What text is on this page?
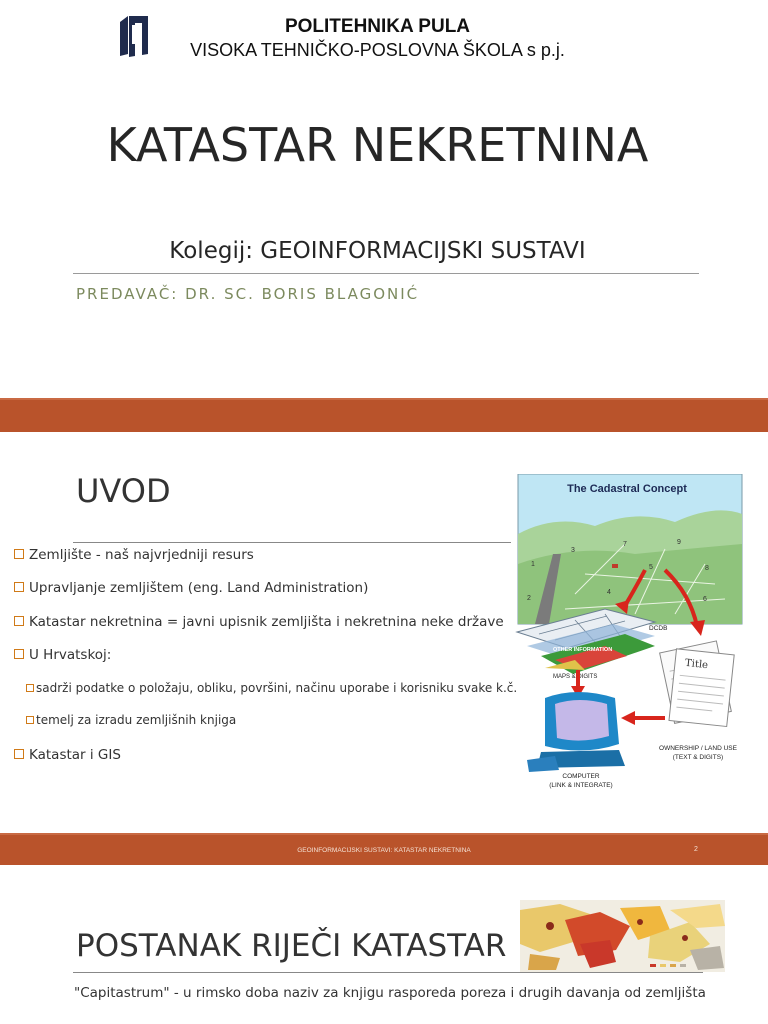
POLITEHNIKA PULA
VISOKA TEHNIČKO-POSLOVNA ŠKOLA s p.j.
KATASTAR NEKRETNINA
Kolegij: GEOINFORMACIJSKI SUSTAVI
PREDAVAČ: DR. SC. BORIS BLAGONIĆ
UVOD
Zemljište - naš najvrjedniji resurs
Upravljanje zemljištem (eng. Land Administration)
Katastar nekretnina = javni upisnik zemljišta i nekretnina neke države
U Hrvatskoj:
sadrži podatke o položaju, obliku, površini, načinu uporabe i korisniku svake k.č.
temelj za izradu zemljišnih knjiga
Katastar i GIS
The Cadastral Concept
1
2
3
4
5
6
7
8
9
DCDB
OTHER INFORMATION
MAPS & DIGITS
Title
OWNERSHIP / LAND USE
(TEXT & DIGITS)
COMPUTER
(LINK & INTEGRATE)
GEOINFORMACIJSKI SUSTAVI: KATASTAR NEKRETNINA	2
POSTANAK RIJEČI KATASTAR
"Capitastrum" - u rimsko doba naziv za knjigu rasporeda poreza i drugih davanja od zemljišta
